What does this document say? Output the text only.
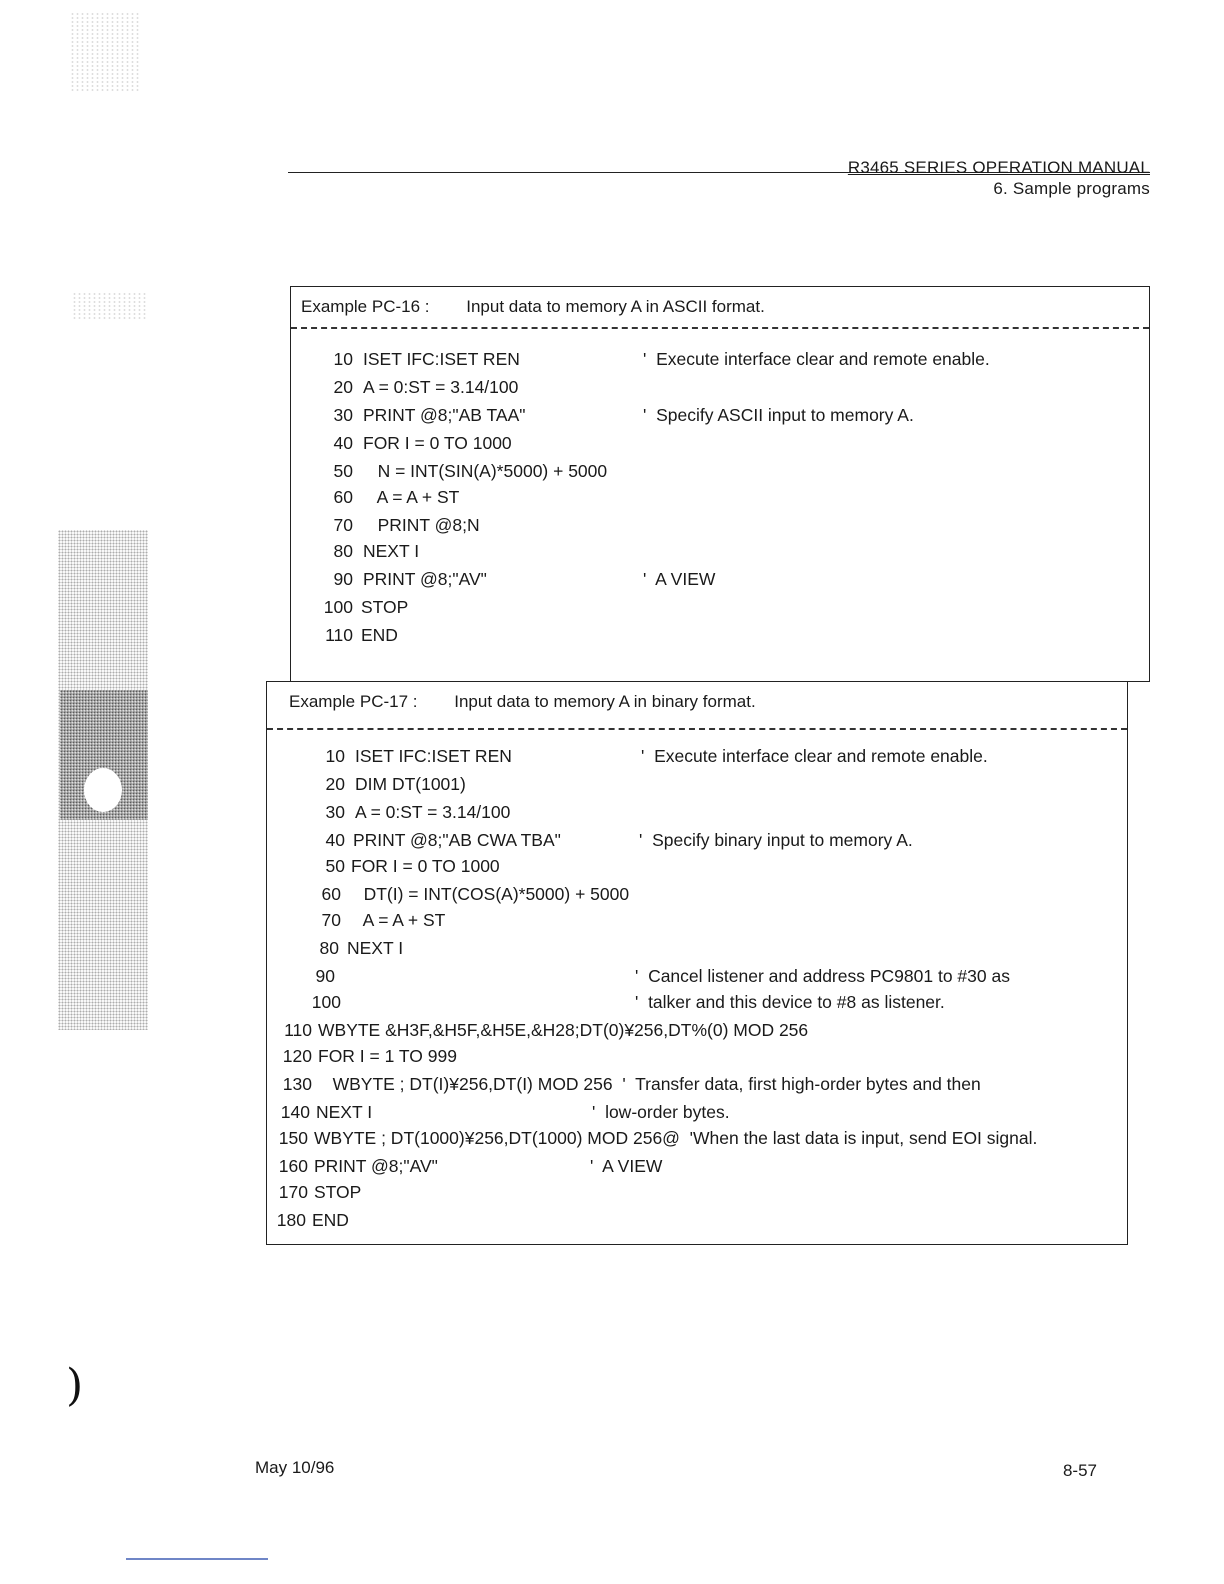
)
R3465 SERIES OPERATION MANUAL
6. Sample programs
Example PC-16 : Input data to memory A in ASCII format.
10 ISET IFC:ISET REN	'  Execute interface clear and remote enable.
20 A = 0:ST = 3.14/100
30 PRINT @8;"AB TAA"	'  Specify ASCII input to memory A.
40 FOR I = 0 TO 1000
50 N = INT(SIN(A)*5000) + 5000
60 A = A + ST
70 PRINT @8;N
80 NEXT I
90 PRINT @8;"AV"	'  A VIEW
100 STOP
110 END
Example PC-17 : Input data to memory A in binary format.
10 ISET IFC:ISET REN	'  Execute interface clear and remote enable.
20 DIM DT(1001)
30 A = 0:ST = 3.14/100
40 PRINT @8;"AB CWA TBA"	'  Specify binary input to memory A.
50 FOR I = 0 TO 1000
60 DT(I) = INT(COS(A)*5000) + 5000
70 A = A + ST
80 NEXT I
90	'  Cancel listener and address PC9801 to #30 as
100	'  talker and this device to #8 as listener.
110 WBYTE &H3F,&H5F,&H5E,&H28;DT(0)¥256,DT%(0) MOD 256
120 FOR I = 1 TO 999
130 WBYTE ; DT(I)¥256,DT(I) MOD 256  '  Transfer data, first high-order bytes and then
140 NEXT I	'  low-order bytes.
150 WBYTE ; DT(1000)¥256,DT(1000) MOD 256@  'When the last data is input, send EOI signal.
160 PRINT @8;"AV"	'  A VIEW
170 STOP
180 END
May 10/96	8-57
